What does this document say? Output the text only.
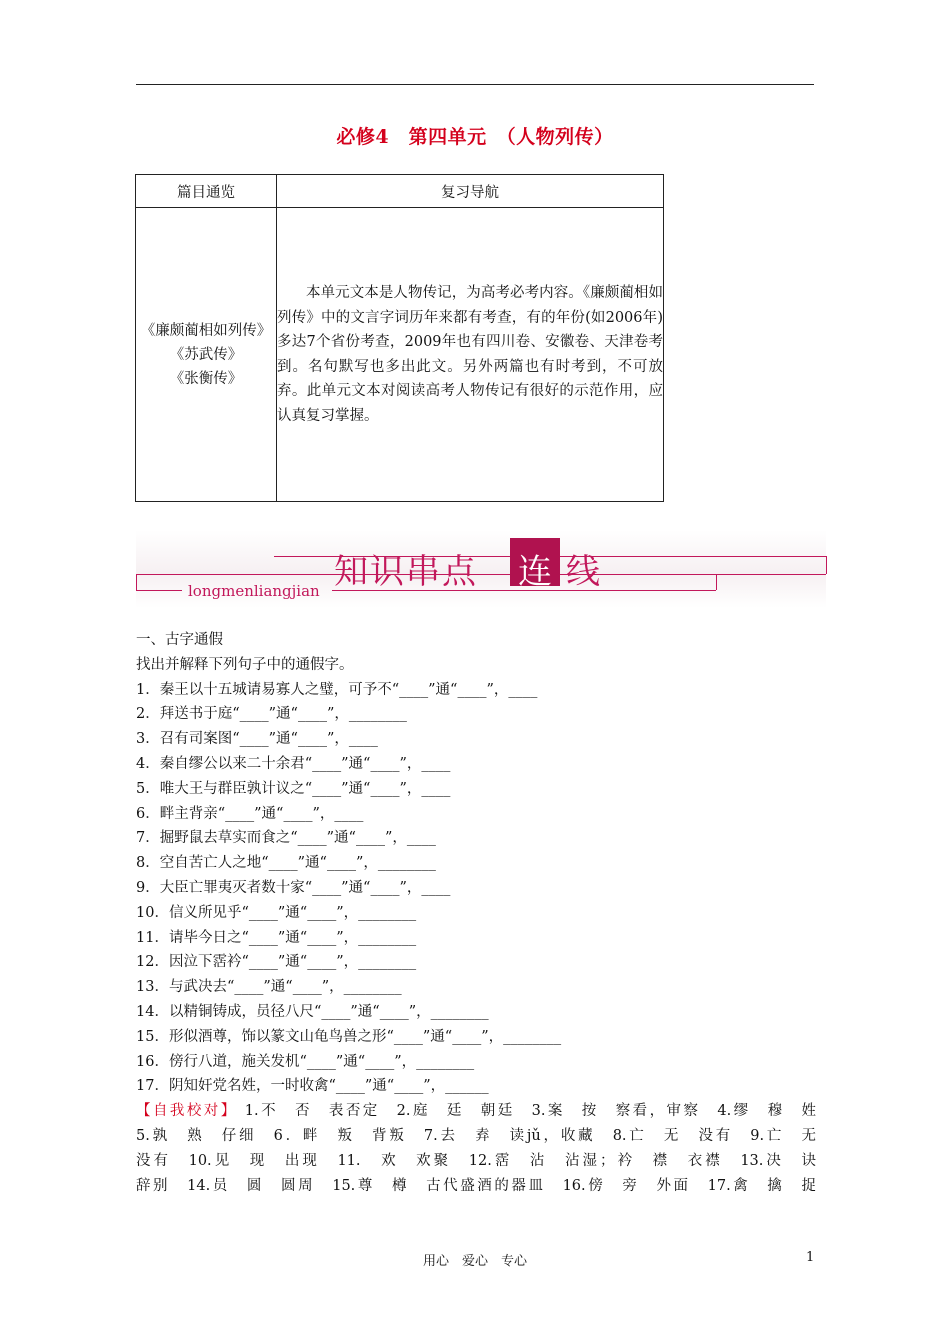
必修4　第四单元　（人物列传）
篇目通览	复习导航

《廉颇蔺相如列传》
《苏武传》
《张衡传》	本单元文本是人物传记，为高考必考内容。《廉颇蔺相如列传》中的文言字词历年来都有考查，有的年份(如2006年)多达7个省份考查，2009年也有四川卷、安徽卷、天津卷考到。名句默写也多出此文。另外两篇也有时考到，不可放弃。此单元文本对阅读高考人物传记有很好的示范作用，应认真复习掌握。
longmenliangjian 知识串点 连 线

一、古字通假

找出并解释下列句子中的通假字。

1．秦王以十五城请易寡人之璧，可予不“____”通“____”，____

2．拜送书于庭“____”通“____”，________

3．召有司案图“____”通“____”，____

4．秦自缪公以来二十余君“____”通“____”，____

5．唯大王与群臣孰计议之“____”通“____”，____

6．畔主背亲“____”通“____”，____

7．掘野鼠去草实而食之“____”通“____”，____

8．空自苦亡人之地“____”通“____”，________

9．大臣亡罪夷灭者数十家“____”通“____”，____

10．信义所见乎“____”通“____”，________

11．请毕今日之“____”通“____”，________

12．因泣下霑衿“____”通“____”，________

13．与武决去“____”通“____”，________

14．以精铜铸成，员径八尺“____”通“____”，________

15．形似酒尊，饰以篆文山龟鸟兽之形“____”通“____”，________

16．傍行八道，施关发机“____”通“____”，________

17．阴知奸党名姓，一时收禽“____”通“____”，______

【自我校对】 1.不　否　表否定　2.庭　廷　朝廷　3.案　按　察看，审察　4.缪　穆　姓
5.孰　熟　仔细　6．畔　叛　背叛　7.去　弆　读jǔ，收藏　8.亡　无　没有　9.亡　无
没有　10.见　现　出现　11.　欢　欢聚　12.霑　沾　沾湿；衿　襟　衣襟　13.决　诀
辞别　14.员　圆　圆周　15.尊　樽　古代盛酒的器皿　16.傍　旁　外面　17.禽　擒　捉
用心　爱心　专心	1
